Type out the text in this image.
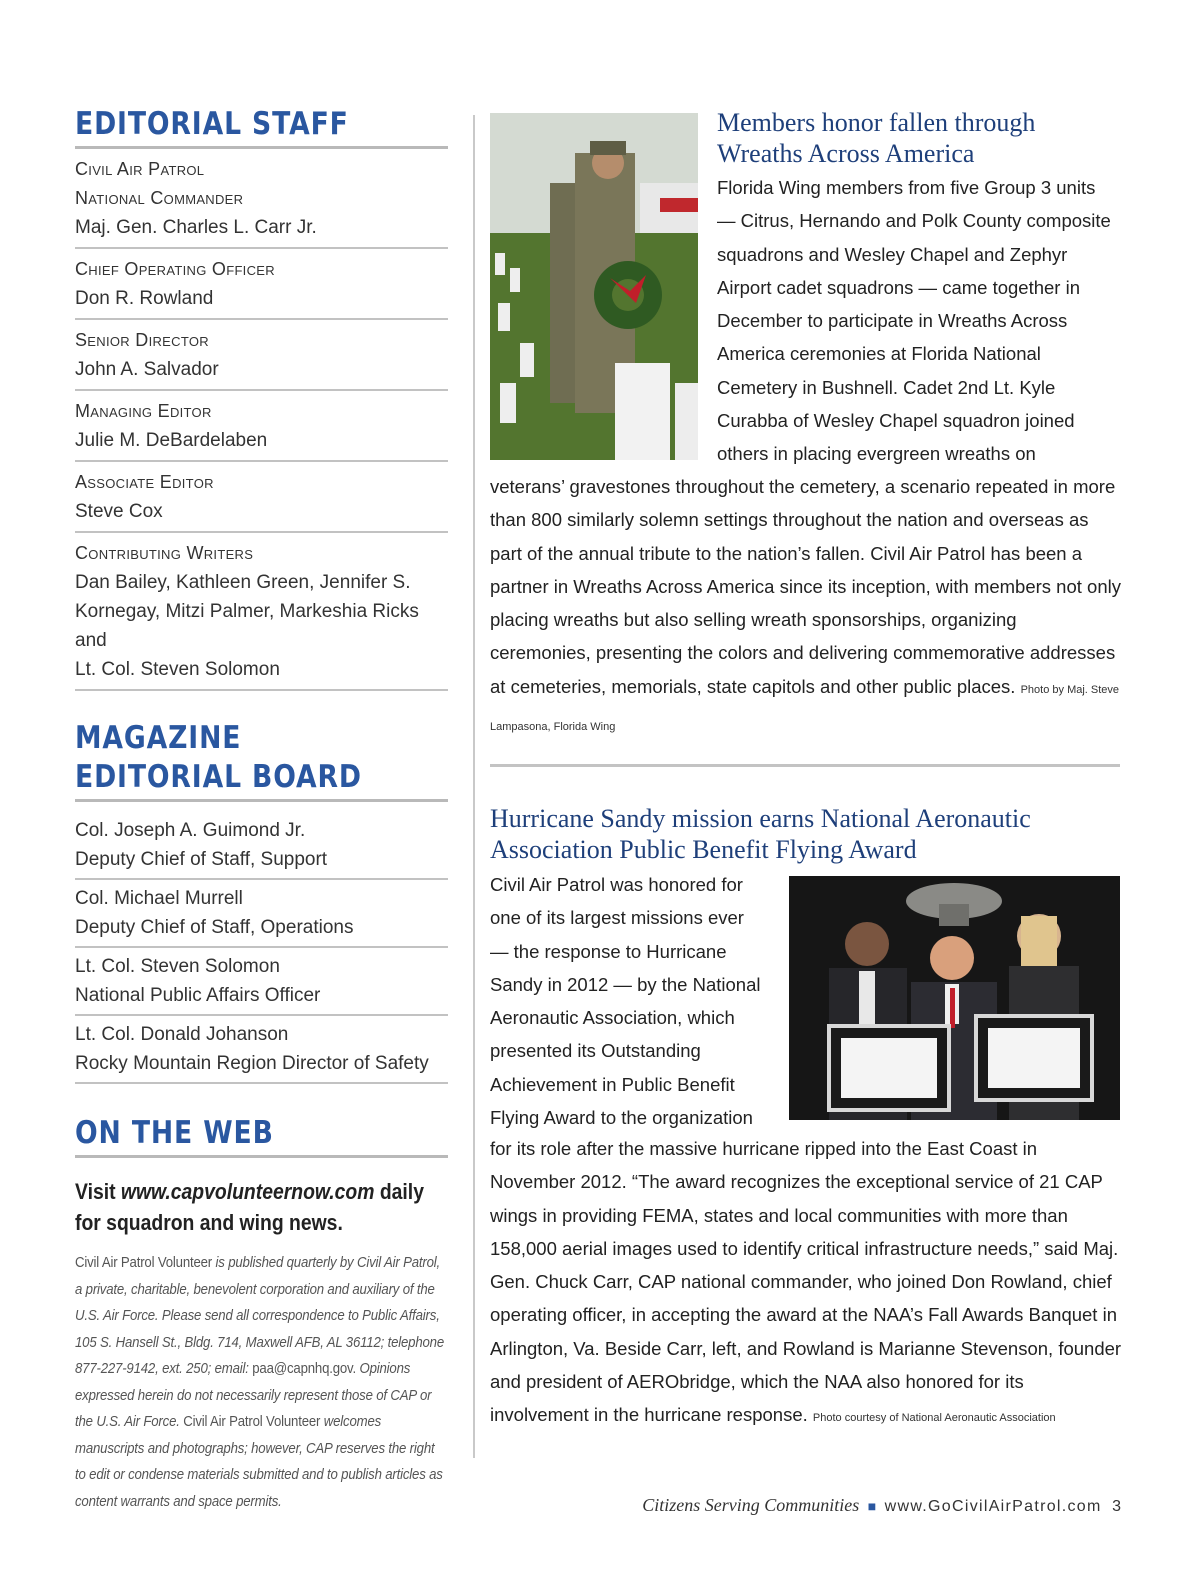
EDITORIAL STAFF
Civil Air Patrol
National Commander
Maj. Gen. Charles L. Carr Jr.
Chief Operating Officer
Don R. Rowland
Senior Director
John A. Salvador
Managing Editor
Julie M. DeBardelaben
Associate Editor
Steve Cox
Contributing Writers
Dan Bailey, Kathleen Green, Jennifer S.
Kornegay, Mitzi Palmer, Markeshia Ricks and
Lt. Col. Steven Solomon
MAGAZINE
EDITORIAL BOARD
Col. Joseph A. Guimond Jr.
Deputy Chief of Staff, Support
Col. Michael Murrell
Deputy Chief of Staff, Operations
Lt. Col. Steven Solomon
National Public Affairs Officer
Lt. Col. Donald Johanson
Rocky Mountain Region Director of Safety
ON THE WEB
Visit www.capvolunteernow.com daily
for squadron and wing news.
Civil Air Patrol Volunteer is published quarterly by Civil Air Patrol, a private, charitable, benevolent corporation and auxiliary of the U.S. Air Force. Please send all correspondence to Public Affairs, 105 S. Hansell St., Bldg. 714, Maxwell AFB, AL 36112; telephone 877-227-9142, ext. 250; email: paa@capnhq.gov. Opinions expressed herein do not necessarily represent those of CAP or the U.S. Air Force. Civil Air Patrol Volunteer welcomes manuscripts and photographs; however, CAP reserves the right to edit or condense materials submitted and to publish articles as content warrants and space permits.
Members honor fallen through
Wreaths Across America

Florida Wing members from five Group 3 units

— Citrus, Hernando and Polk County composite

squadrons and Wesley Chapel and Zephyr

Airport cadet squadrons — came together in

December to participate in Wreaths Across

America ceremonies at Florida National

Cemetery in Bushnell. Cadet 2nd Lt. Kyle

Curabba of Wesley Chapel squadron joined

others in placing evergreen wreaths on

veterans’ gravestones throughout the cemetery, a scenario repeated in more than 800 similarly solemn settings throughout the nation and overseas as part of the annual tribute to the nation’s fallen. Civil Air Patrol has been a partner in Wreaths Across America since its inception, with members not only placing wreaths but also selling wreath sponsorships, organizing ceremonies, presenting the colors and delivering commemorative addresses at cemeteries, memorials, state capitols and other public places. Photo by Maj. Steve Lampasona, Florida Wing
Hurricane Sandy mission earns National Aeronautic
Association Public Benefit Flying Award

Civil Air Patrol was honored for

one of its largest missions ever

— the response to Hurricane

Sandy in 2012 — by the National

Aeronautic Association, which

presented its Outstanding

Achievement in Public Benefit

Flying Award to the organization

for its role after the massive hurricane ripped into the East Coast in November 2012. “The award recognizes the exceptional service of 21 CAP wings in providing FEMA, states and local communities with more than 158,000 aerial images used to identify critical infrastructure needs,” said Maj. Gen. Chuck Carr, CAP national commander, who joined Don Rowland, chief operating officer, in accepting the award at the NAA’s Fall Awards Banquet in Arlington, Va. Beside Carr, left, and Rowland is Marianne Stevenson, founder and president of AERObridge, which the NAA also honored for its involvement in the hurricane response. Photo courtesy of National Aeronautic Association
Citizens Serving Communities ■ www.GoCivilAirPatrol.com 3
